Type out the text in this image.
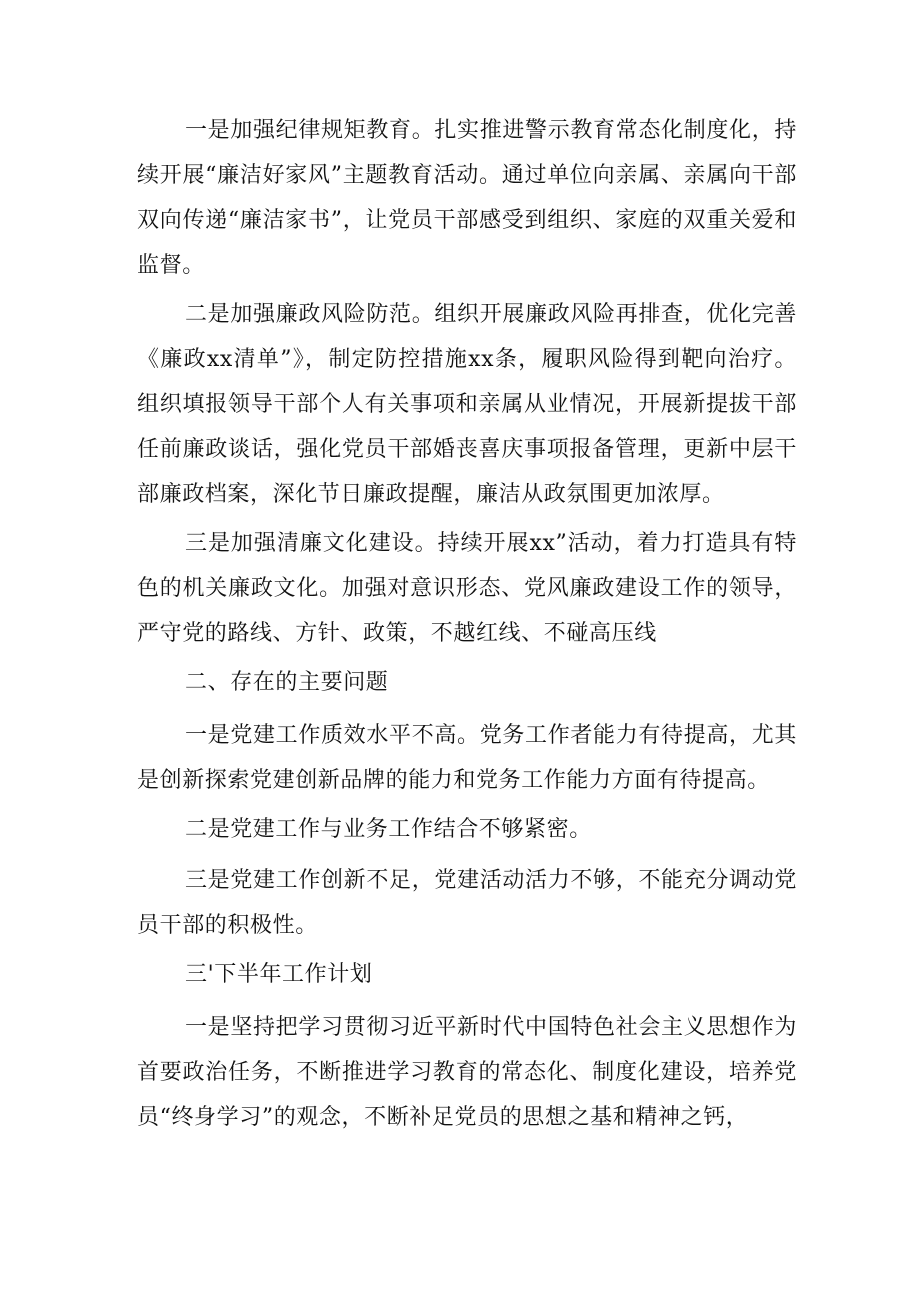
一是加强纪律规矩教育。扎实推进警示教育常态化制度化，持续开展“廉洁好家风”主题教育活动。通过单位向亲属、亲属向干部双向传递“廉洁家书”，让党员干部感受到组织、家庭的双重关爱和监督。

二是加强廉政风险防范。组织开展廉政风险再排查，优化完善《廉政xx清单”》，制定防控措施xx条，履职风险得到靶向治疗。组织填报领导干部个人有关事项和亲属从业情况，开展新提拔干部任前廉政谈话，强化党员干部婚丧喜庆事项报备管理，更新中层干部廉政档案，深化节日廉政提醒，廉洁从政氛围更加浓厚。

三是加强清廉文化建设。持续开展xx”活动，着力打造具有特色的机关廉政文化。加强对意识形态、党风廉政建设工作的领导，严守党的路线、方针、政策，不越红线、不碰高压线

二、存在的主要问题

一是党建工作质效水平不高。党务工作者能力有待提高，尤其是创新探索党建创新品牌的能力和党务工作能力方面有待提高。

二是党建工作与业务工作结合不够紧密。

三是党建工作创新不足，党建活动活力不够，不能充分调动党员干部的积极性。

三'下半年工作计划

一是坚持把学习贯彻习近平新时代中国特色社会主义思想作为首要政治任务，不断推进学习教育的常态化、制度化建设，培养党员“终身学习”的观念，不断补足党员的思想之基和精神之钙，
